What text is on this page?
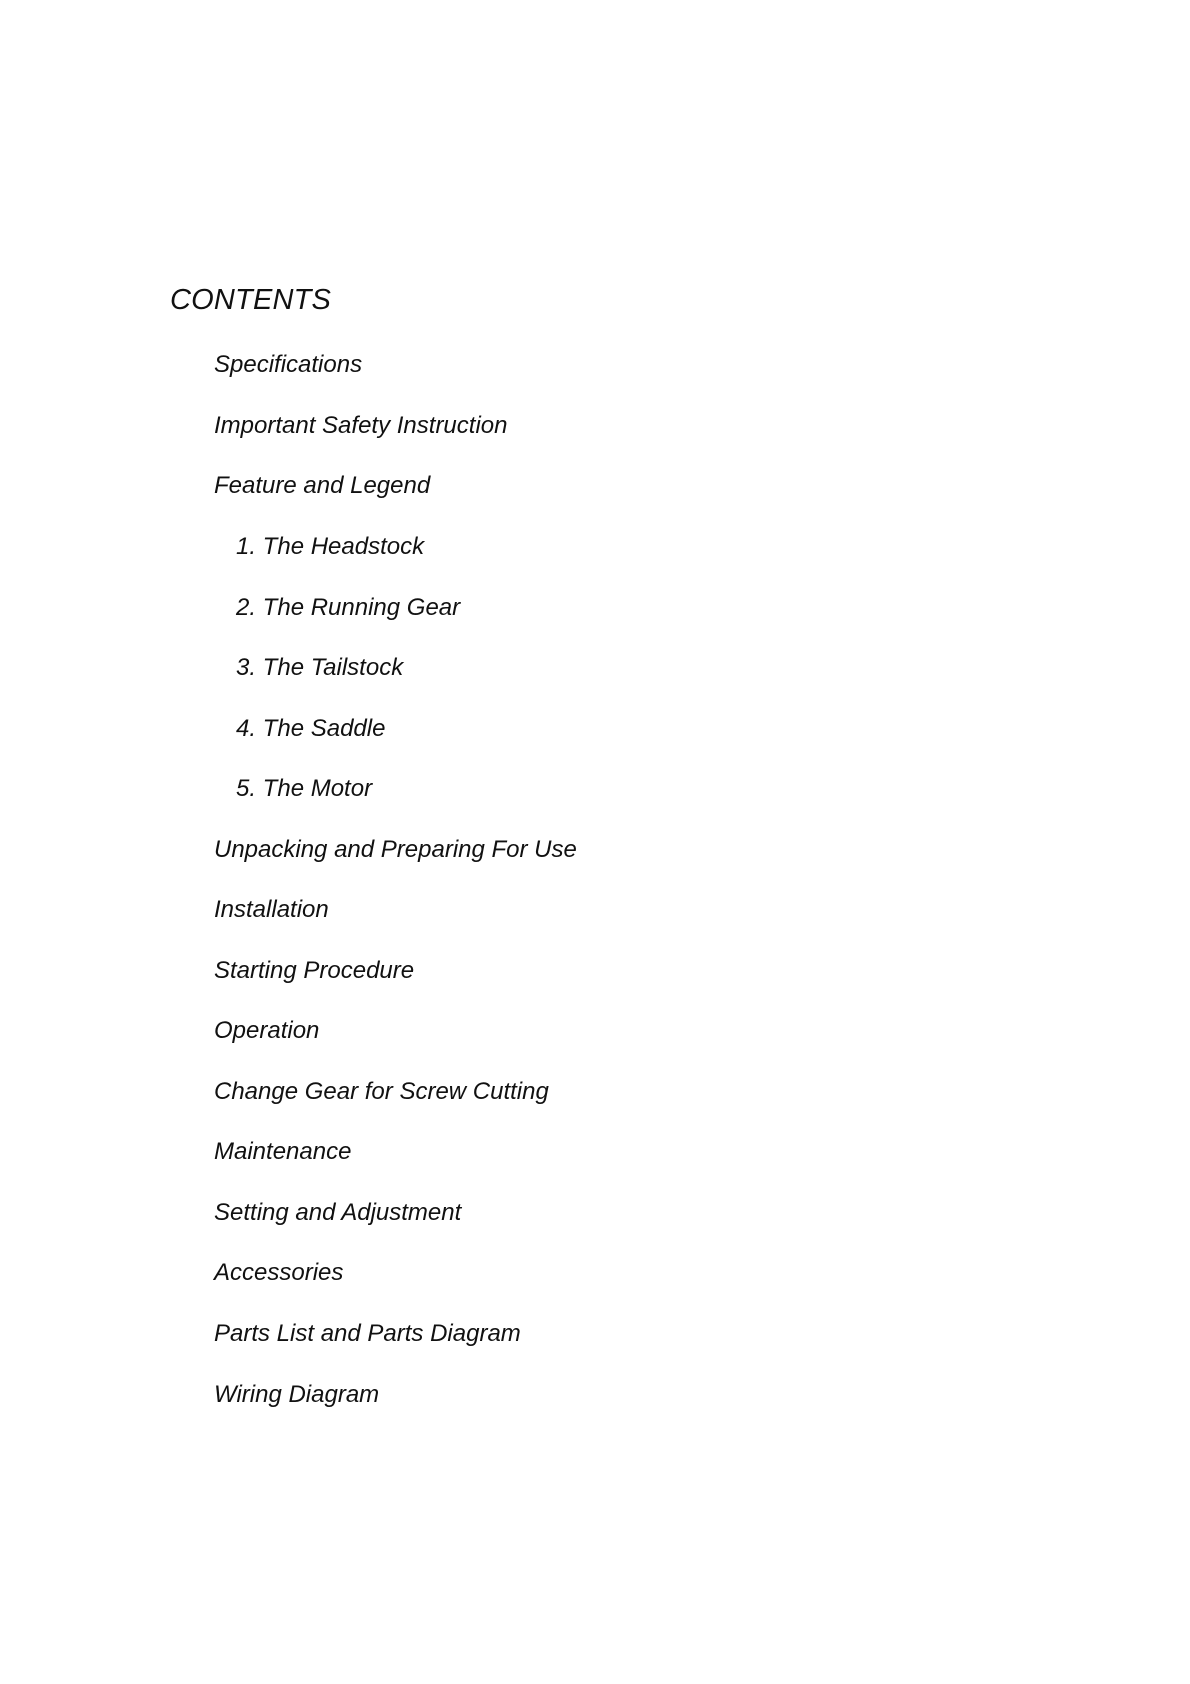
CONTENTS
Specifications
Important Safety Instruction
Feature and Legend
1. The Headstock
2. The Running Gear
3. The Tailstock
4. The Saddle
5. The Motor
Unpacking and Preparing For Use
Installation
Starting Procedure
Operation
Change Gear for Screw Cutting
Maintenance
Setting and Adjustment
Accessories
Parts List and Parts Diagram
Wiring Diagram
